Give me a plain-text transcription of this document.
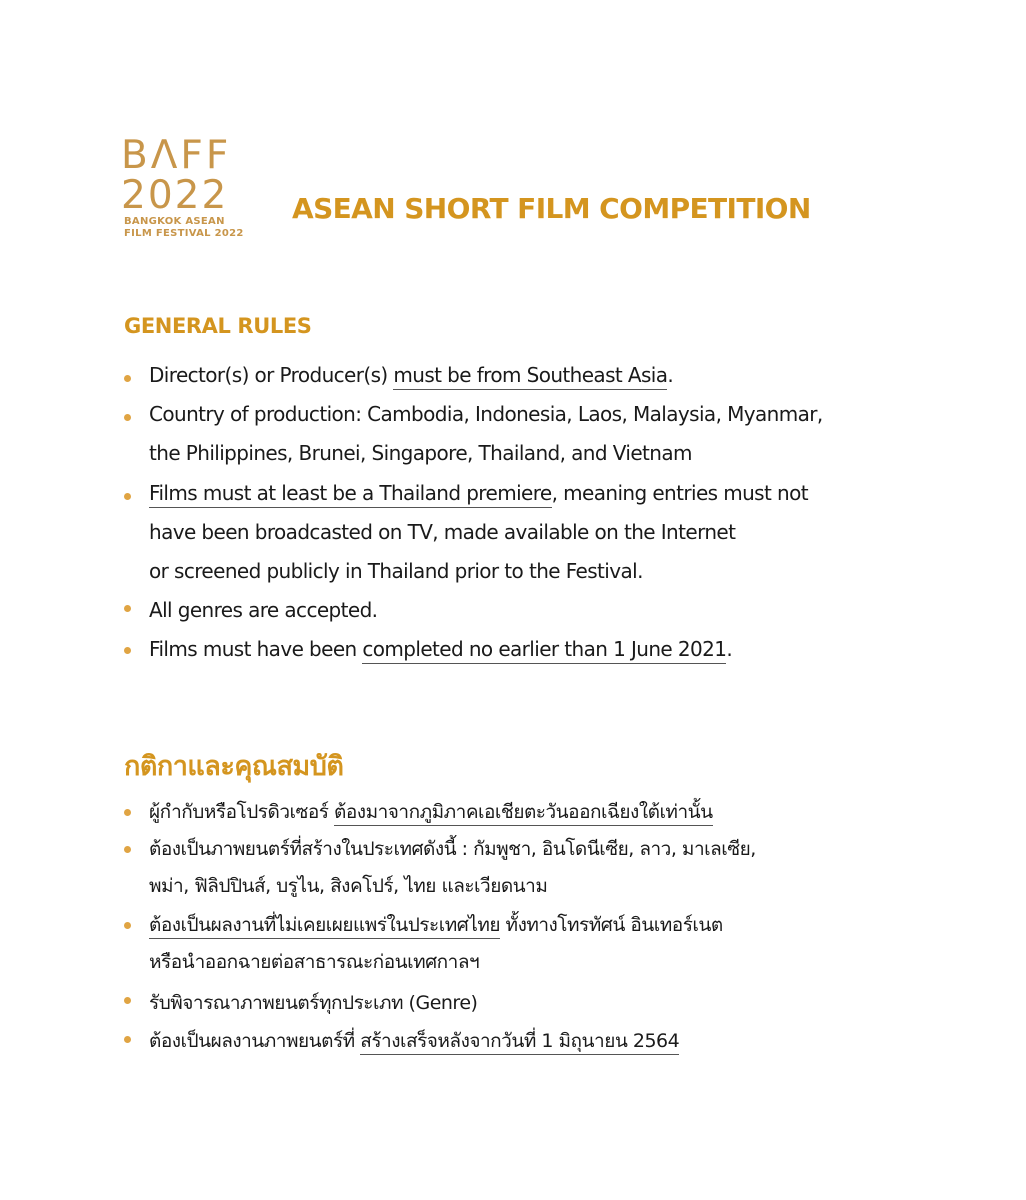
BΛFF
2022
BANGKOK ASEAN
FILM FESTIVAL 2022
ASEAN SHORT FILM COMPETITION
GENERAL RULES
Director(s) or Producer(s) must be from Southeast Asia.
Country of production: Cambodia, Indonesia, Laos, Malaysia, Myanmar,
the Philippines, Brunei, Singapore, Thailand, and Vietnam
Films must at least be a Thailand premiere, meaning entries must not
have been broadcasted on TV, made available on the Internet
or screened publicly in Thailand prior to the Festival.
All genres are accepted.
Films must have been completed no earlier than 1 June 2021.
กติกาและคุณสมบัติ
ผู้กำกับหรือโปรดิวเซอร์ ต้องมาจากภูมิภาคเอเชียตะวันออกเฉียงใต้เท่านั้น
ต้องเป็นภาพยนตร์ที่สร้างในประเทศดังนี้ : กัมพูชา, อินโดนีเซีย, ลาว, มาเลเซีย,
พม่า, ฟิลิปปินส์, บรูไน, สิงคโปร์, ไทย และเวียดนาม
ต้องเป็นผลงานที่ไม่เคยเผยแพร่ในประเทศไทย ทั้งทางโทรทัศน์ อินเทอร์เนต
หรือนำออกฉายต่อสาธารณะก่อนเทศกาลฯ
รับพิจารณาภาพยนตร์ทุกประเภท (Genre)
ต้องเป็นผลงานภาพยนตร์ที่ สร้างเสร็จหลังจากวันที่ 1 มิถุนายน 2564
